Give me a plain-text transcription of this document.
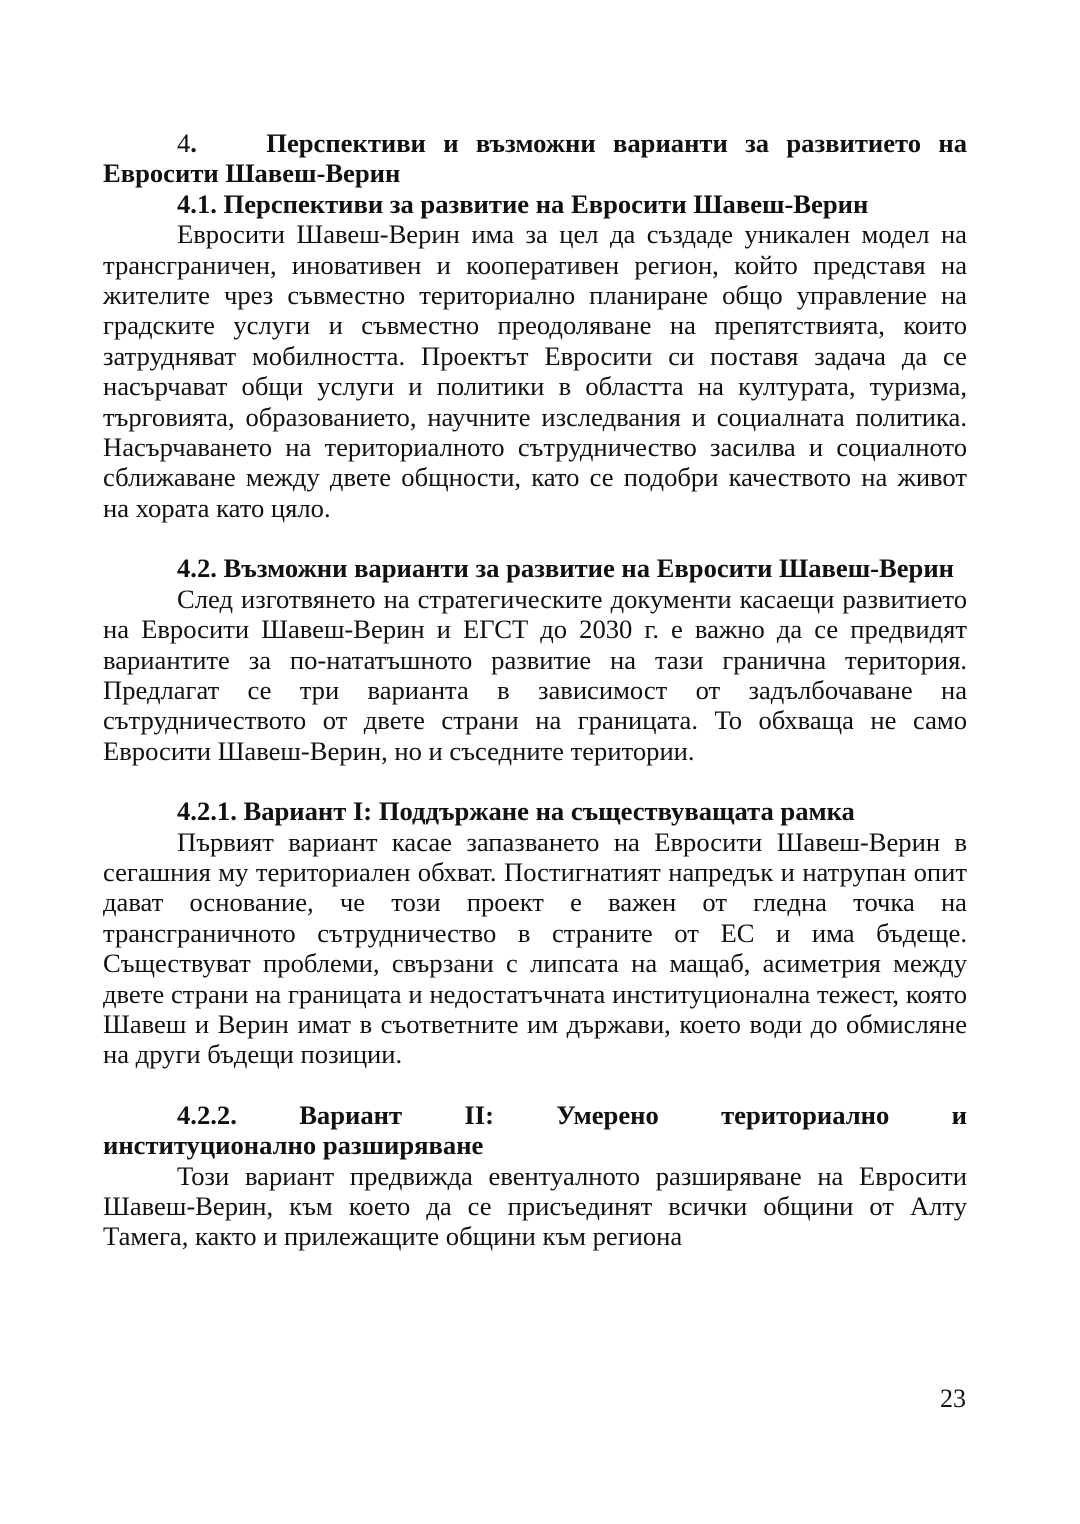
4.	Перспективи и възможни варианти за развитието на Евросити Шавеш-Верин

4.1. Перспективи за развитие на Евросити Шавеш-Верин

Евросити Шавеш-Верин има за цел да създаде уникален модел на трансграничен, иновативен и кооперативен регион, който представя на жителите чрез съвместно териториално планиране общо управление на градските услуги и съвместно преодоляване на препятствията, които затрудняват мобилността. Проектът Евросити си поставя задача да се насърчават общи услуги и политики в областта на културата, туризма, търговията, образованието, научните изследвания и социалната политика. Насърчаването на териториалното сътрудничество засилва и социалното сближаване между двете общности, като се подобри качеството на живот на хората като цяло.

4.2. Възможни варианти за развитие на Евросити Шавеш-Верин

След изготвянето на стратегическите документи касаещи развитието на Евросити Шавеш-Верин и ЕГСТ до 2030 г. е важно да се предвидят вариантите за по-нататъшното развитие на тази гранична територия. Предлагат се три варианта в зависимост от задълбочаване на сътрудничеството от двете страни на границата. То обхваща не само Евросити Шавеш-Верин, но и съседните територии.

4.2.1. Вариант I: Поддържане на съществуващата рамка

Първият вариант касае запазването на Евросити Шавеш-Верин в сегашния му териториален обхват. Постигнатият напредък и натрупан опит дават основание, че този проект е важен от гледна точка на трансграничното сътрудничество в страните от ЕС и има бъдеще. Съществуват проблеми, свързани с липсата на мащаб, асиметрия между двете страни на границата и недостатъчната институционална тежест, която Шавеш и Верин имат в съответните им държави, което води до обмисляне на други бъдещи позиции.

4.2.2. Вариант II: Умерено териториално и

институционално разширяване

Този вариант предвижда евентуалното разширяване на Евросити Шавеш-Верин, към което да се присъединят всички общини от Алту Тамега, както и прилежащите общини към региона

23
